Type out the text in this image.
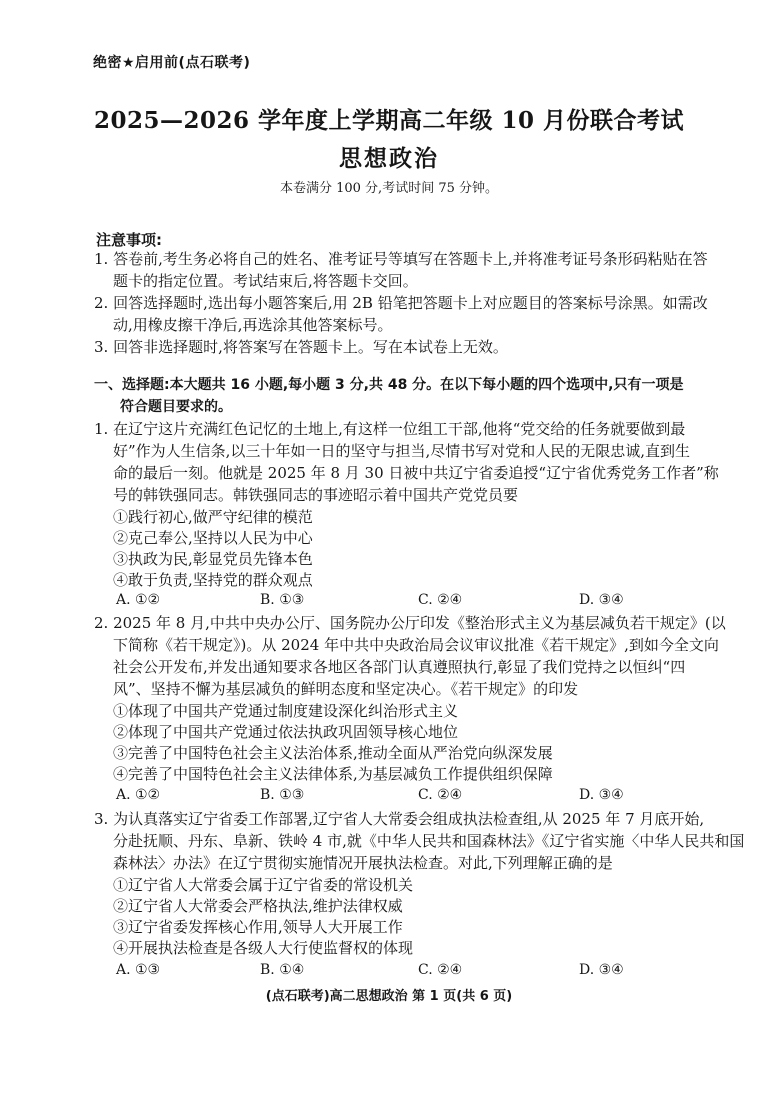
绝密★启用前(点石联考)
2025—2026 学年度上学期高二年级 10 月份联合考试
思想政治
本卷满分 100 分,考试时间 75 分钟。
注意事项:
1. 答卷前,考生务必将自己的姓名、准考证号等填写在答题卡上,并将准考证号条形码粘贴在答
题卡的指定位置。考试结束后,将答题卡交回。
2. 回答选择题时,选出每小题答案后,用 2B 铅笔把答题卡上对应题目的答案标号涂黑。如需改
动,用橡皮擦干净后,再选涂其他答案标号。
3. 回答非选择题时,将答案写在答题卡上。写在本试卷上无效。
一、选择题:本大题共 16 小题,每小题 3 分,共 48 分。在以下每小题的四个选项中,只有一项是
符合题目要求的。
1. 在辽宁这片充满红色记忆的土地上,有这样一位组工干部,他将“党交给的任务就要做到最
好”作为人生信条,以三十年如一日的坚守与担当,尽情书写对党和人民的无限忠诚,直到生
命的最后一刻。他就是 2025 年 8 月 30 日被中共辽宁省委追授“辽宁省优秀党务工作者”称
号的韩铁强同志。韩铁强同志的事迹昭示着中国共产党党员要
①践行初心,做严守纪律的模范
②克己奉公,坚持以人民为中心
③执政为民,彰显党员先锋本色
④敢于负责,坚持党的群众观点
A. ①②	B. ①③	C. ②④	D. ③④
2. 2025 年 8 月,中共中央办公厅、国务院办公厅印发《整治形式主义为基层减负若干规定》(以
下简称《若干规定》)。从 2024 年中共中央政治局会议审议批准《若干规定》,到如今全文向
社会公开发布,并发出通知要求各地区各部门认真遵照执行,彰显了我们党持之以恒纠“四
风”、坚持不懈为基层减负的鲜明态度和坚定决心。《若干规定》的印发
①体现了中国共产党通过制度建设深化纠治形式主义
②体现了中国共产党通过依法执政巩固领导核心地位
③完善了中国特色社会主义法治体系,推动全面从严治党向纵深发展
④完善了中国特色社会主义法律体系,为基层减负工作提供组织保障
A. ①②	B. ①③	C. ②④	D. ③④
3. 为认真落实辽宁省委工作部署,辽宁省人大常委会组成执法检查组,从 2025 年 7 月底开始,
分赴抚顺、丹东、阜新、铁岭 4 市,就《中华人民共和国森林法》《辽宁省实施〈中华人民共和国
森林法〉办法》在辽宁贯彻实施情况开展执法检查。对此,下列理解正确的是
①辽宁省人大常委会属于辽宁省委的常设机关
②辽宁省人大常委会严格执法,维护法律权威
③辽宁省委发挥核心作用,领导人大开展工作
④开展执法检查是各级人大行使监督权的体现
A. ①③	B. ①④	C. ②④	D. ③④
(点石联考)高二思想政治 第 1 页(共 6 页)
